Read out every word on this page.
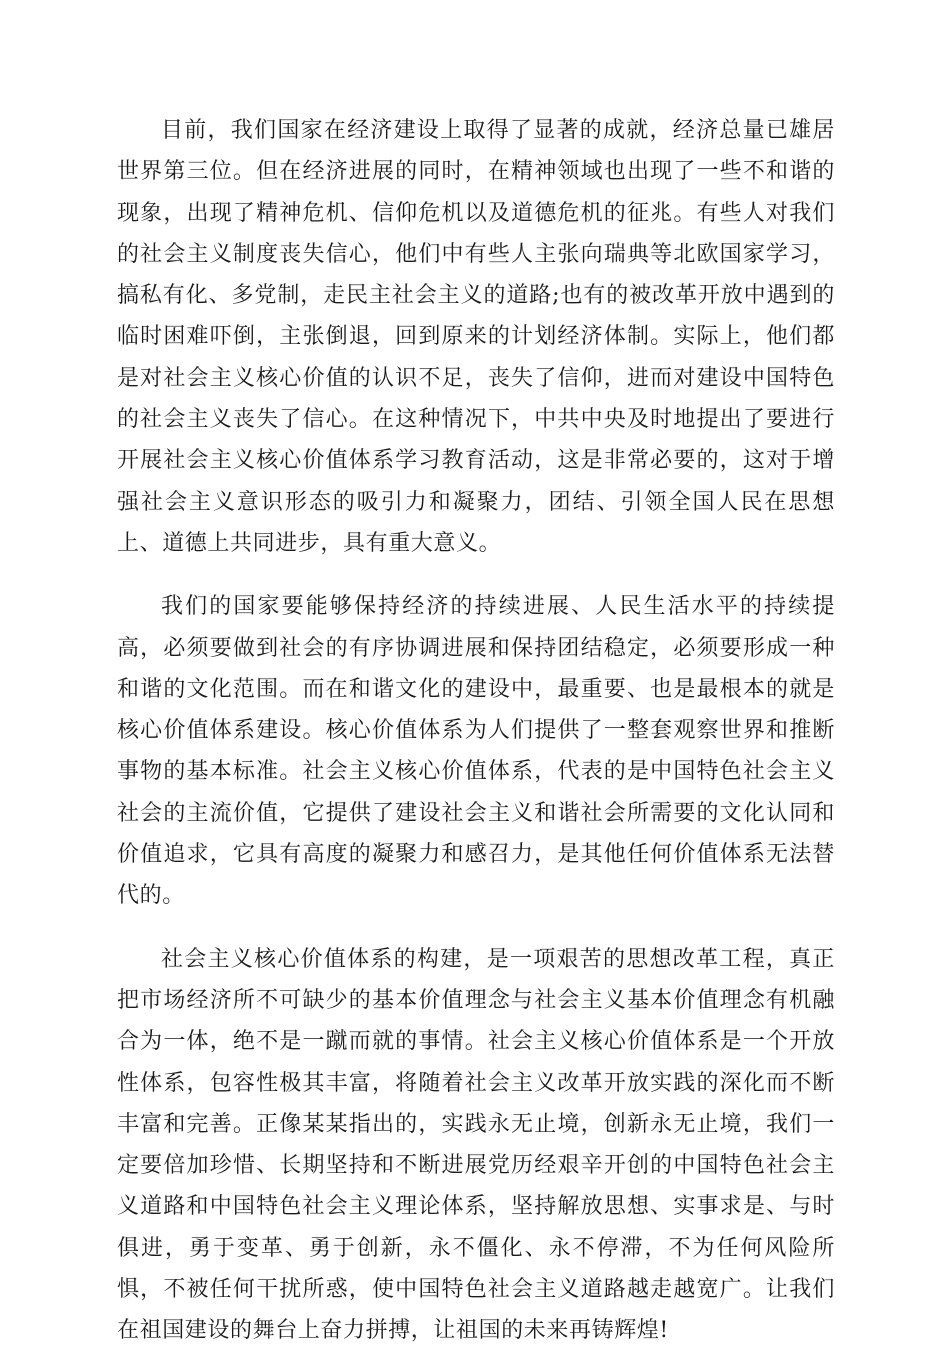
目前，我们国家在经济建设上取得了显著的成就，经济总量已雄居世界第三位。但在经济进展的同时，在精神领域也出现了一些不和谐的现象，出现了精神危机、信仰危机以及道德危机的征兆。有些人对我们的社会主义制度丧失信心，他们中有些人主张向瑞典等北欧国家学习，搞私有化、多党制，走民主社会主义的道路;也有的被改革开放中遇到的临时困难吓倒，主张倒退，回到原来的计划经济体制。实际上，他们都是对社会主义核心价值的认识不足，丧失了信仰，进而对建设中国特色的社会主义丧失了信心。在这种情况下，中共中央及时地提出了要进行开展社会主义核心价值体系学习教育活动，这是非常必要的，这对于增强社会主义意识形态的吸引力和凝聚力，团结、引领全国人民在思想上、道德上共同进步，具有重大意义。

我们的国家要能够保持经济的持续进展、人民生活水平的持续提高，必须要做到社会的有序协调进展和保持团结稳定，必须要形成一种和谐的文化范围。而在和谐文化的建设中，最重要、也是最根本的就是核心价值体系建设。核心价值体系为人们提供了一整套观察世界和推断事物的基本标准。社会主义核心价值体系，代表的是中国特色社会主义社会的主流价值，它提供了建设社会主义和谐社会所需要的文化认同和价值追求，它具有高度的凝聚力和感召力，是其他任何价值体系无法替代的。

社会主义核心价值体系的构建，是一项艰苦的思想改革工程，真正把市场经济所不可缺少的基本价值理念与社会主义基本价值理念有机融合为一体，绝不是一蹴而就的事情。社会主义核心价值体系是一个开放性体系，包容性极其丰富，将随着社会主义改革开放实践的深化而不断丰富和完善。正像某某指出的，实践永无止境，创新永无止境，我们一定要倍加珍惜、长期坚持和不断进展党历经艰辛开创的中国特色社会主义道路和中国特色社会主义理论体系，坚持解放思想、实事求是、与时俱进，勇于变革、勇于创新，永不僵化、永不停滞，不为任何风险所惧，不被任何干扰所惑，使中国特色社会主义道路越走越宽广。让我们在祖国建设的舞台上奋力拼搏，让祖国的未来再铸辉煌!
